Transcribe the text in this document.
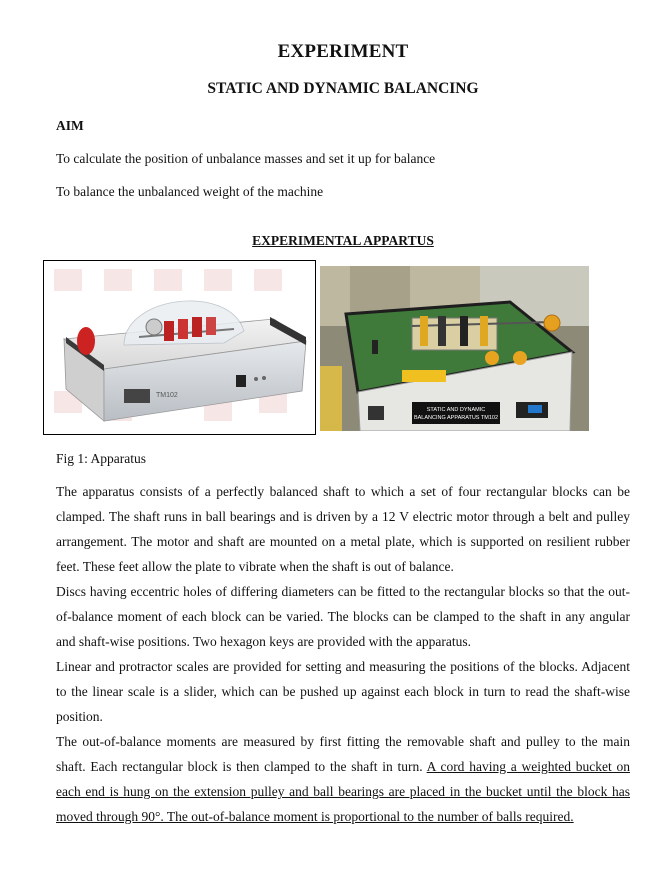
EXPERIMENT
STATIC AND DYNAMIC BALANCING
AIM
To calculate the position of unbalance masses and set it up for balance
To balance the unbalanced weight of the machine
EXPERIMENTAL APPARTUS
TM102
STATIC AND DYNAMIC
BALANCING APPARATUS TM102
Fig 1: Apparatus

The apparatus consists of a perfectly balanced shaft to which a set of four rectangular blocks can be clamped. The shaft runs in ball bearings and is driven by a 12 V electric motor through a belt and pulley arrangement. The motor and shaft are mounted on a metal plate, which is supported on resilient rubber feet. These feet allow the plate to vibrate when the shaft is out of balance.

Discs having eccentric holes of differing diameters can be fitted to the rectangular blocks so that the out-of-balance moment of each block can be varied. The blocks can be clamped to the shaft in any angular and shaft-wise positions. Two hexagon keys are provided with the apparatus.

Linear and protractor scales are provided for setting and measuring the positions of the blocks. Adjacent to the linear scale is a slider, which can be pushed up against each block in turn to read the shaft-wise position.

The out-of-balance moments are measured by first fitting the removable shaft and pulley to the main shaft. Each rectangular block is then clamped to the shaft in turn. A cord having a weighted bucket on each end is hung on the extension pulley and ball bearings are placed in the bucket until the block has moved through 90°. The out-of-balance moment is proportional to the number of balls required.
